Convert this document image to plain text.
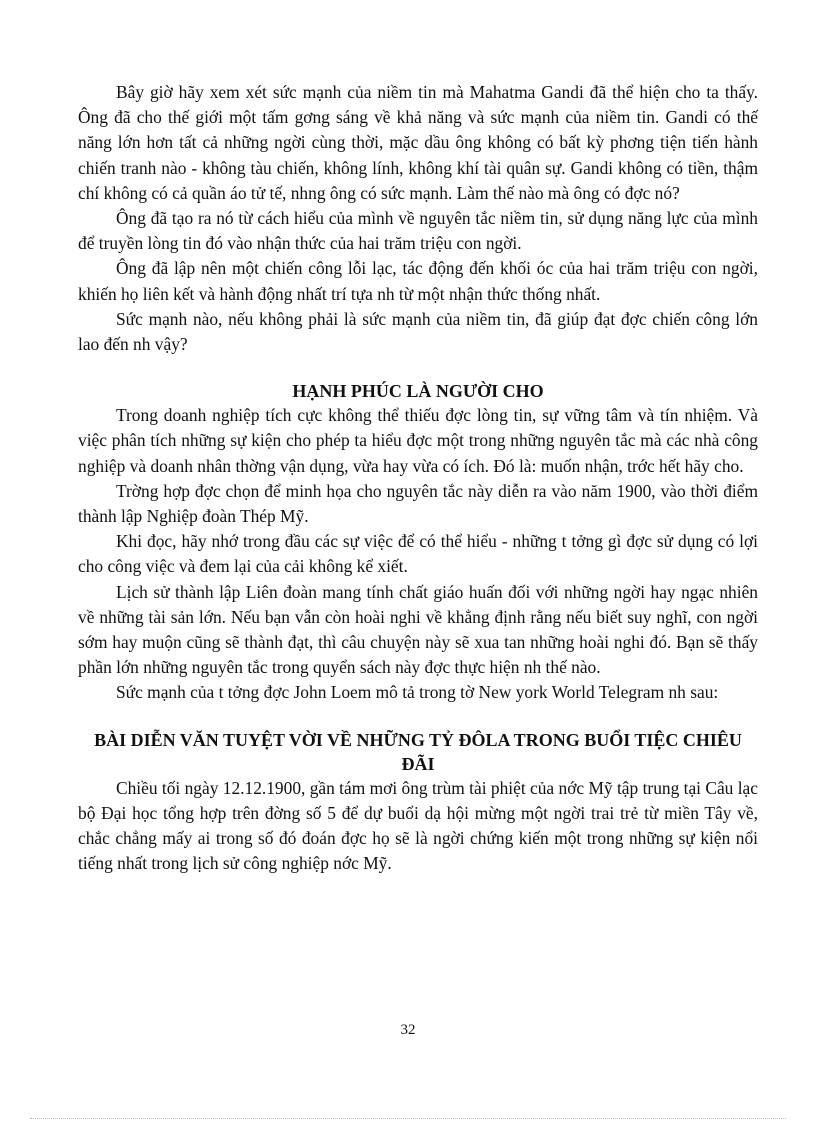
Bây giờ hãy xem xét sức mạnh của niềm tin mà Mahatma Gandi đã thể hiện cho ta thấy. Ông đã cho thế giới một tấm gơng sáng về khả năng và sức mạnh của niềm tin. Gandi có thế năng lớn hơn tất cả những ngời cùng thời, mặc dầu ông không có bất kỳ phơng tiện tiến hành chiến tranh nào - không tàu chiến, không lính, không khí tài quân sự. Gandi không có tiền, thậm chí không có cả quần áo tử tế, nhng ông có sức mạnh. Làm thế nào mà ông có đợc nó?

Ông đã tạo ra nó từ cách hiểu của mình về nguyên tắc niềm tin, sử dụng năng lực của mình để truyền lòng tin đó vào nhận thức của hai trăm triệu con ngời.

Ông đã lập nên một chiến công lỗi lạc, tác động đến khối óc của hai trăm triệu con ngời, khiến họ liên kết và hành động nhất trí tựa nh từ một nhận thức thống nhất.

Sức mạnh nào, nếu không phải là sức mạnh của niềm tin, đã giúp đạt đợc chiến công lớn lao đến nh vậy?

HẠNH PHÚC LÀ NGƯỜI CHO

Trong doanh nghiệp tích cực không thể thiếu đợc lòng tin, sự vững tâm và tín nhiệm. Và việc phân tích những sự kiện cho phép ta hiểu đợc một trong những nguyên tắc mà các nhà công nghiệp và doanh nhân thờng vận dụng, vừa hay vừa có ích. Đó là: muốn nhận, trớc hết hãy cho.

Trờng hợp đợc chọn để minh họa cho nguyên tắc này diễn ra vào năm 1900, vào thời điểm thành lập Nghiệp đoàn Thép Mỹ.

Khi đọc, hãy nhớ trong đầu các sự việc để có thể hiểu - những t tởng gì đợc sử dụng có lợi cho công việc và đem lại của cải không kể xiết.

Lịch sử thành lập Liên đoàn mang tính chất giáo huấn đối với những ngời hay ngạc nhiên về những tài sản lớn. Nếu bạn vẫn còn hoài nghi về khẳng định rằng nếu biết suy nghĩ, con ngời sớm hay muộn cũng sẽ thành đạt, thì câu chuyện này sẽ xua tan những hoài nghi đó. Bạn sẽ thấy phần lớn những nguyên tắc trong quyển sách này đợc thực hiện nh thế nào.

Sức mạnh của t tởng đợc John Loem mô tả trong tờ New york World Telegram nh sau:

BÀI DIỄN VĂN TUYỆT VỜI VỀ NHỮNG TỶ ĐÔLA TRONG BUỔI TIỆC CHIÊU ĐÃI

Chiều tối ngày 12.12.1900, gần tám mơi ông trùm tài phiệt của nớc Mỹ tập trung tại Câu lạc bộ Đại học tổng hợp trên đờng số 5 để dự buổi dạ hội mừng một ngời trai trẻ từ miền Tây về, chắc chẳng mấy ai trong số đó đoán đợc họ sẽ là ngời chứng kiến một trong những sự kiện nổi tiếng nhất trong lịch sử công nghiệp nớc Mỹ.

32
